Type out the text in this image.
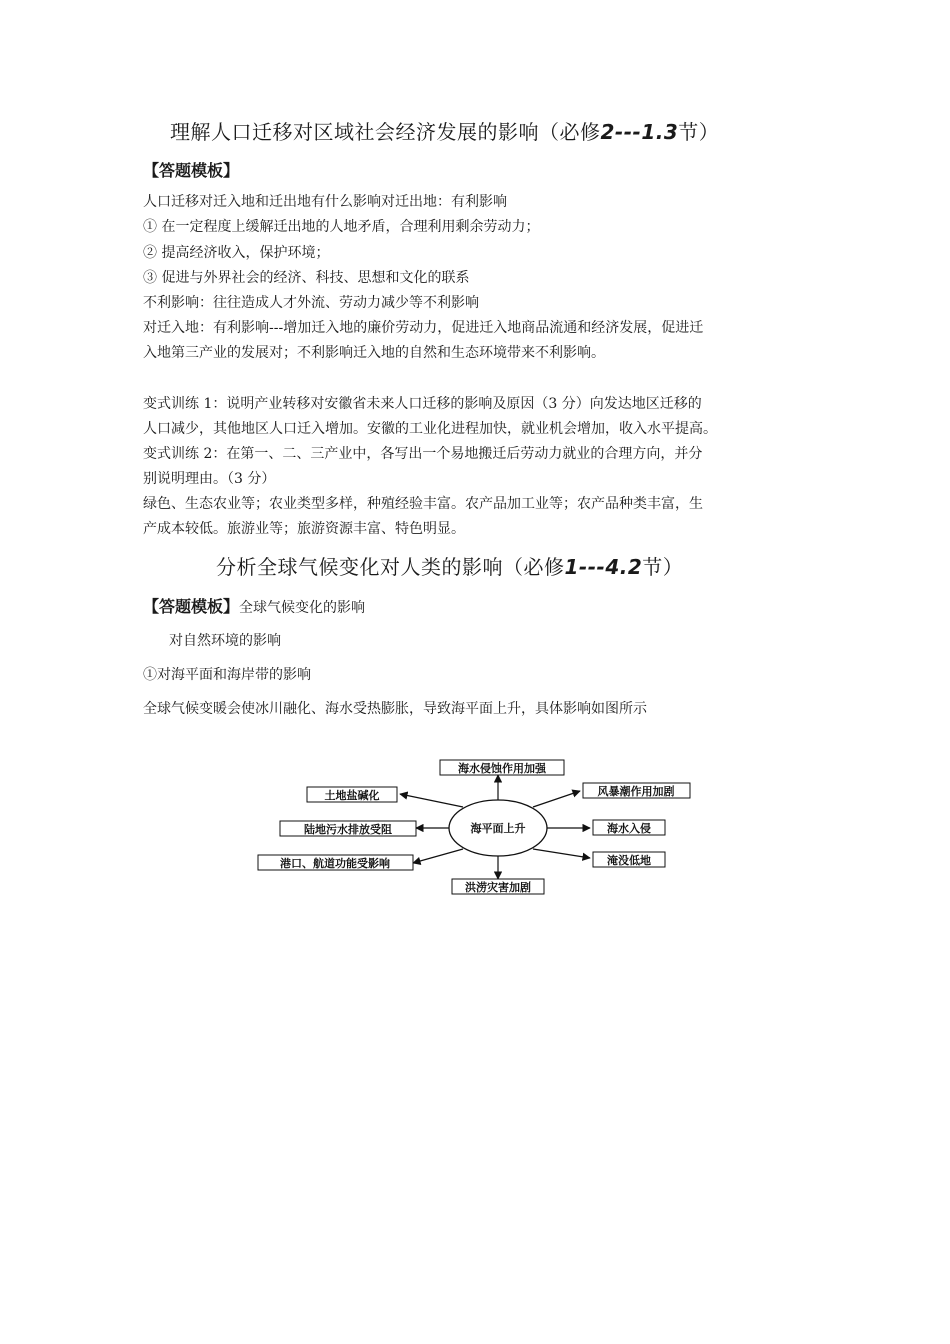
理解人口迁移对区域社会经济发展的影响（必修2---1.3节）
【答题模板】
人口迁移对迁入地和迁出地有什么影响对迁出地：有利影响
① 在一定程度上缓解迁出地的人地矛盾，合理利用剩余劳动力；
② 提高经济收入，保护环境；
③ 促进与外界社会的经济、科技、思想和文化的联系
不利影响：往往造成人才外流、劳动力减少等不利影响
对迁入地：有利影响---增加迁入地的廉价劳动力，促进迁入地商品流通和经济发展，促进迁
入地第三产业的发展对；不利影响迁入地的自然和生态环境带来不利影响。
变式训练 1：说明产业转移对安徽省未来人口迁移的影响及原因（3 分）向发达地区迁移的
人口减少，其他地区人口迁入增加。安徽的工业化进程加快，就业机会增加，收入水平提高。
变式训练 2：在第一、二、三产业中，各写出一个易地搬迁后劳动力就业的合理方向，并分
别说明理由。（3 分）
绿色、生态农业等；农业类型多样，种殖经验丰富。农产品加工业等；农产品种类丰富，生
产成本较低。旅游业等；旅游资源丰富、特色明显。
分析全球气候变化对人类的影响（必修1---4.2节）
【答题模板】全球气候变化的影响
对自然环境的影响
①对海平面和海岸带的影响
全球气候变暖会使冰川融化、海水受热膨胀，导致海平面上升，具体影响如图所示
海平面上升
海水侵蚀作用加强
风暴潮作用加剧
海水入侵
淹没低地
洪涝灾害加剧
港口、航道功能受影响
陆地污水排放受阻
土地盐碱化
